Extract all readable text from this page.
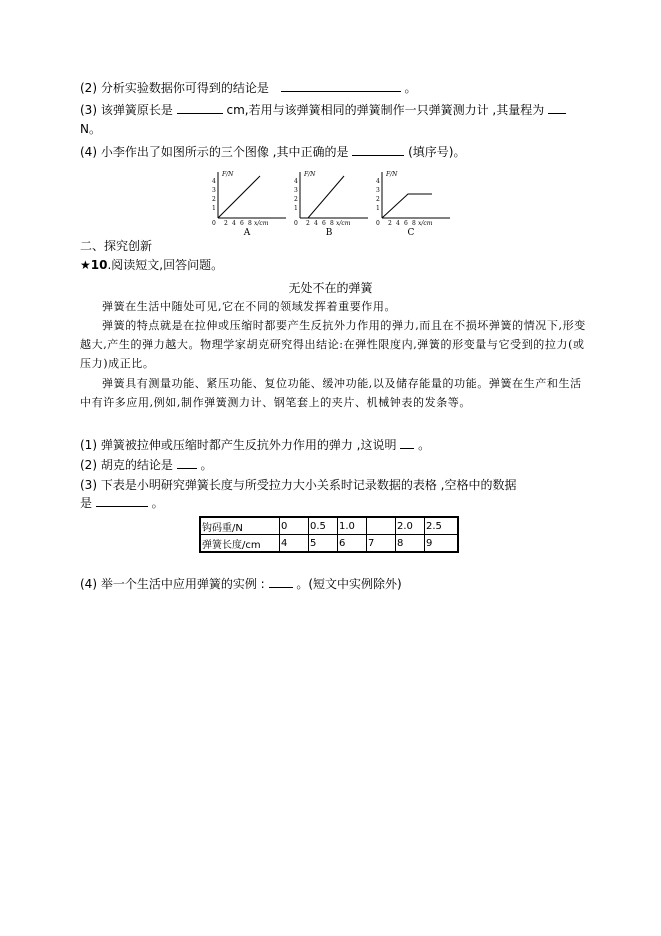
(2) 分析实验数据你可得到的结论是	。
(3) 该弹簧原长是	cm,若用与该弹簧相同的弹簧制作一只弹簧测力计 ,其量程为
N。
(4) 小李作出了如图所示的三个图像 ,其中正确的是	(填序号)。
4
3
2
1
0 2 4 6 8 x/cm
F/N
A
4
3
2
1
0 2 4 6 8 x/cm
F/N
B
4
3
2
1
0 2 4 6 8 x/cm
F/N
C
二、探究创新
★10.阅读短文,回答问题。
无处不在的弹簧
弹簧在生活中随处可见,它在不同的领域发挥着重要作用。
弹簧的特点就是在拉伸或压缩时都要产生反抗外力作用的弹力,而且在不损坏弹簧的情况下,形变越大,产生的弹力越大。物理学家胡克研究得出结论:在弹性限度内,弹簧的形变量与它受到的拉力(或压力)成正比。
弹簧具有测量功能、紧压功能、复位功能、缓冲功能,以及储存能量的功能。弹簧在生产和生活中有许多应用,例如,制作弹簧测力计、钢笔套上的夹片、机械钟表的发条等。
(1) 弹簧被拉伸或压缩时都产生反抗外力作用的弹力 ,这说明 。
(2) 胡克的结论是 。
(3) 下表是小明研究弹簧长度与所受拉力大小关系时记录数据的表格 ,空格中的数据
是	。
钩码重/N	0	0.5	1.0		2.0	2.5
弹簧长度/cm	4	5	6	7	8	9
(4) 举一个生活中应用弹簧的实例 :	。(短文中实例除外)
